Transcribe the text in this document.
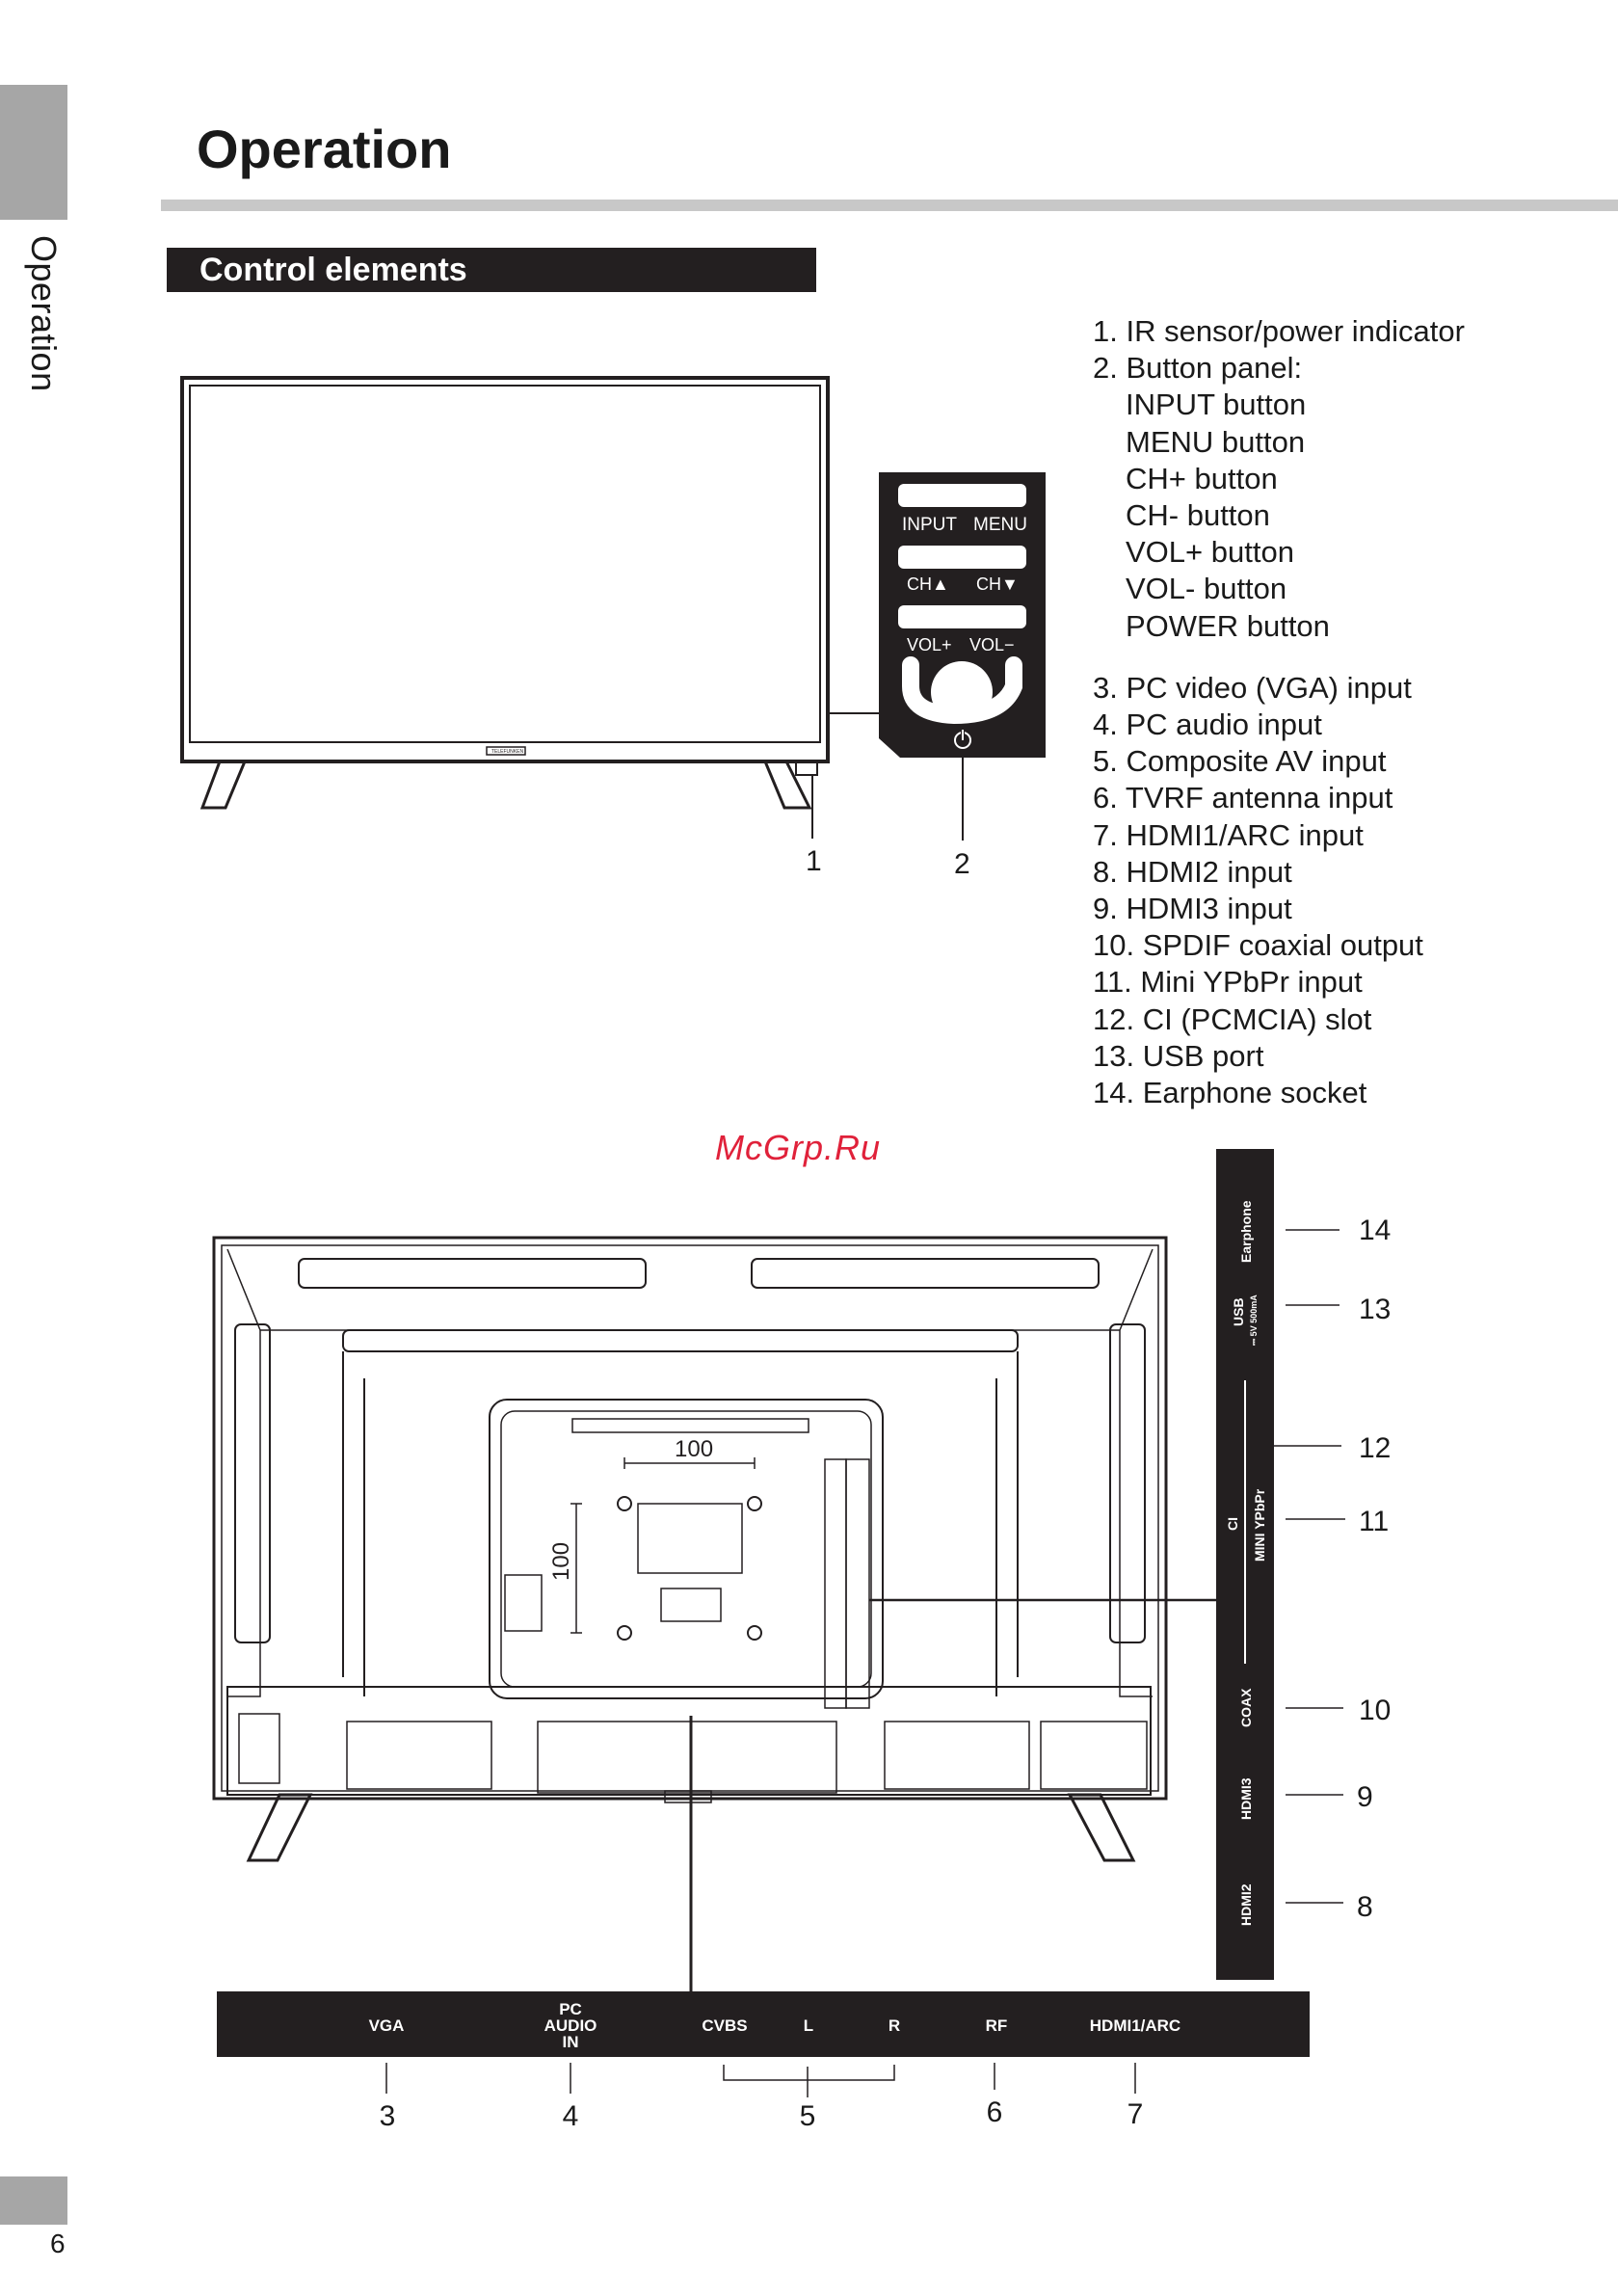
Operation
Operation
Control elements
1. IR sensor/power indicator
2. Button panel:
INPUT button
MENU button
CH+ button
CH- button
VOL+ button
VOL- button
POWER button
3. PC video (VGA) input
4. PC audio input
5. Composite AV input
6. TVRF antenna input
7. HDMI1/ARC input
8. HDMI2 input
9. HDMI3 input
10. SPDIF coaxial output
11. Mini YPbPr input
12. CI (PCMCIA) slot
13. USB port
14. Earphone socket
TELEFUNKEN
INPUT MENU
CH▲ CH▼
VOL+ VOL−
1	2
100
100
Earphone
USB ⎓ 5V 500mA
CI MINI YPbPr
COAX
HDMI3
HDMI2
14
13
12
11
10
9
8
VGA
PC
AUDIO
IN
CVBS	L	R	RF	HDMI1/ARC
3	4	5	6	7
McGrp.Ru
6
